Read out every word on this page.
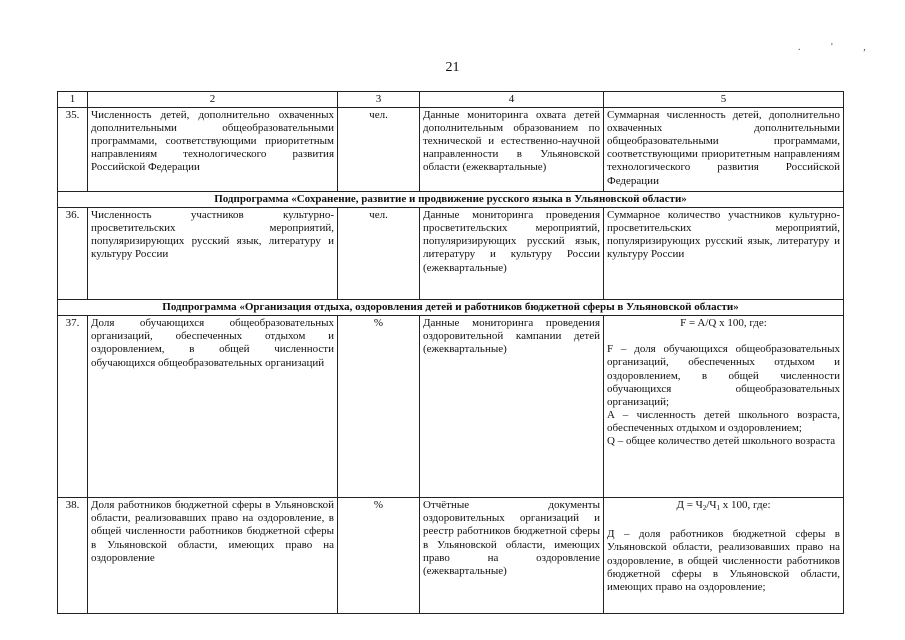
. ' ,
21
1	2	3	4	5
35.	Численность детей, дополнительно охваченных дополнительными общеобразовательными программами, соответствующими приоритетным направлениям технологического развития Российской Федерации	чел.	Данные мониторинга охвата детей дополнительным образованием по технической и естественно-научной направленности в Ульяновской области (ежеквартальные)	Суммарная численность детей, дополнительно охваченных дополнительными общеобразовательными программами, соответствующими приоритетным направлениям технологического развития Российской Федерации
Подпрограмма «Сохранение, развитие и продвижение русского языка в Ульяновской области»				
36.	Численность участников культурно-просветительских мероприятий, популяризирующих русский язык, литературу и культуру России	чел.	Данные мониторинга проведения просветительских мероприятий, популяризирующих русский язык, литературу и культуру России (ежеквартальные)	Суммарное количество участников культурно-просветительских мероприятий, популяризирующих русский язык, литературу и культуру России
Подпрограмма «Организация отдыха, оздоровления детей и работников бюджетной сферы в Ульяновской области»				
37.	Доля обучающихся общеобразовательных организаций, обеспеченных отдыхом и оздоровлением, в общей численности обучающихся общеобразовательных организаций	%	Данные мониторинга проведения оздоровительной кампании детей (ежеквартальные)	F = A/Q x 100, где:

F – доля обучающихся общеобразовательных организаций, обеспеченных отдыхом и оздоровлением, в общей численности обучающихся общеобразовательных организаций;

A – численность детей школьного возраста, обеспеченных отдыхом и оздоровлением;

Q – общее количество детей школьного возраста

38.	Доля работников бюджетной сферы в Ульяновской области, реализовавших право на оздоровление, в общей численности работников бюджетной сферы в Ульяновской области, имеющих право на оздоровление	%	Отчётные документы оздоровительных организаций и реестр работников бюджетной сферы в Ульяновской области, имеющих право на оздоровление (ежеквартальные)	Д = Ч2/Ч1 x 100, где:

Д – доля работников бюджетной сферы в Ульяновской области, реализовавших право на оздоровление, в общей численности работников бюджетной сферы в Ульяновской области, имеющих право на оздоровление;
